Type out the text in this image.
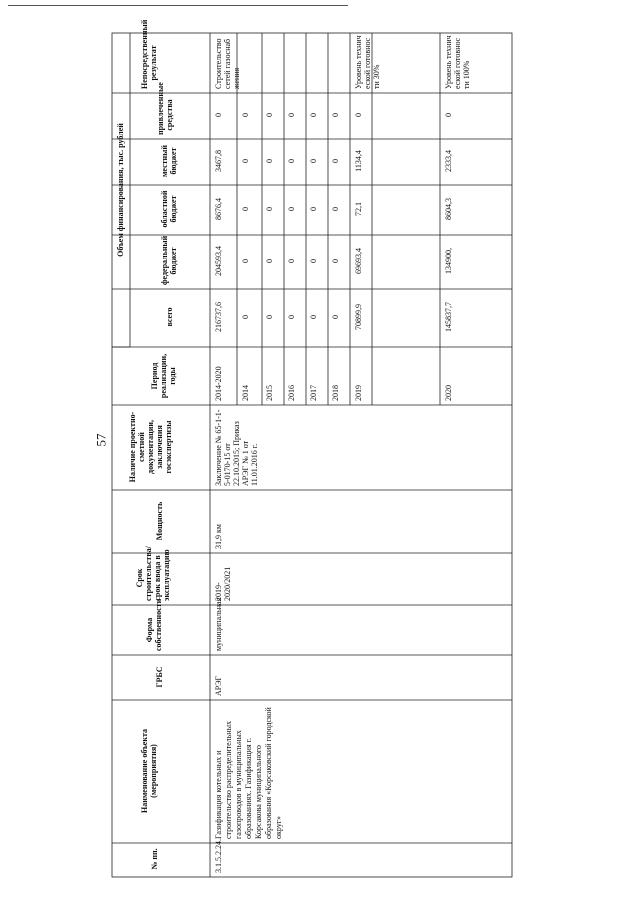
57
№ пп.
Наименование объекта (мероприятия)
ГРБС
Форма собственности
Срок строительства/срок ввода в эксплуатацию
Мощность
Наличие проектно-сметной документации, заключения госэкспертизы
Период реализации, годы
Объем финансирования, тыс. рублей
всего
федеральный бюджет
областной бюджет
местный бюджет
привлеченные средства
Непосредственный результат
3.1.5.2.24.
Газификация котельных и строительство распределительных газопроводов в муниципальных образованиях. Газификация г. Корсакова муниципального образования «Корсаковский городской округ»
АРЭГ
муниципальная
2019-2020/2021
31,9 км
Заключение № 65-1-1-5-0170-15 от 22.10.2015; Приказ АРЭГ № 1 от 11.01.2016 г.
2014-2020
216737,6
204593,4
8676,4
3467,8
0
Строительство сетей газоснабжения
2014
0
0
0
0
0
2015
0
0
0
0
0
2016
0
0
0
0
0
2017
0
0
0
0
0
2018
0
0
0
0
0
2019
70899,9
69693,4
72,1
1134,4
0
Уровень технической готовности 30%
2020
145837,7
134900,
8604,3
2333,4
0
Уровень технической готовности 100%
